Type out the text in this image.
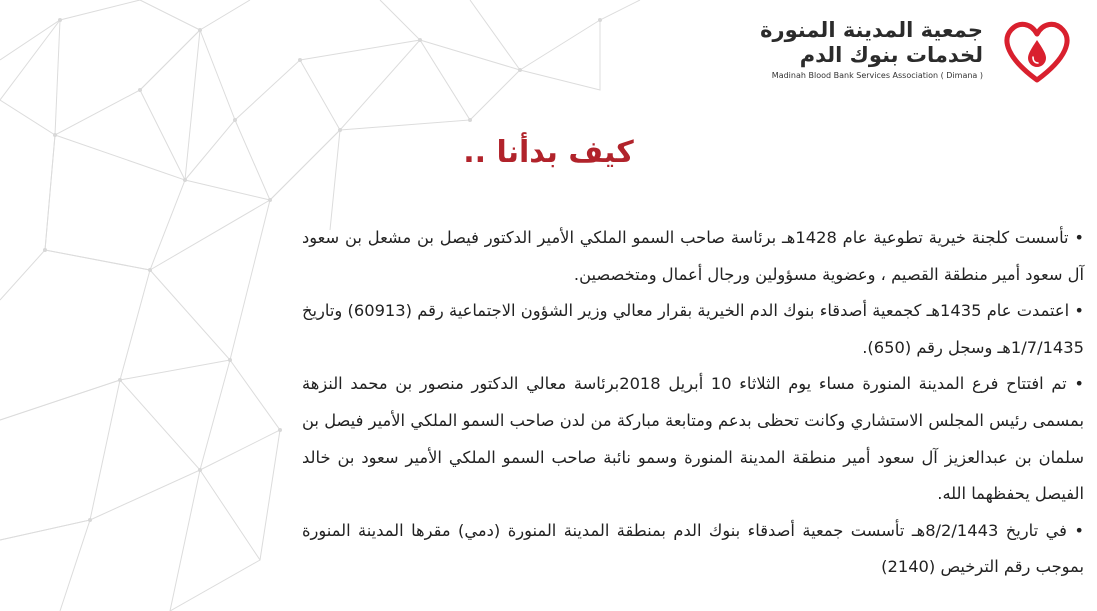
جمعية المدينة المنورة
لخدمات بنوك الدم
Madinah Blood Bank Services Association ( Dimana )
كيف بدأنا ..

• تأسست كلجنة خيرية تطوعية عام 1428هـ برئاسة صاحب السمو الملكي الأمير الدكتور فيصل بن مشعل بن سعود آل سعود أمير منطقة القصيم ، وعضوية مسؤولين ورجال أعمال ومتخصصين.

• اعتمدت عام 1435هـ كجمعية أصدقاء بنوك الدم الخيرية بقرار معالي وزير الشؤون الاجتماعية رقم (60913) وتاريخ 1/7/1435هـ وسجل رقم (650).

• تم افتتاح فرع المدينة المنورة مساء يوم الثلاثاء 10 أبريل 2018برئاسة معالي الدكتور منصور بن محمد النزهة بمسمى رئيس المجلس الاستشاري وكانت تحظى بدعم ومتابعة مباركة من لدن صاحب السمو الملكي الأمير فيصل بن سلمان بن عبدالعزيز آل سعود أمير منطقة المدينة المنورة وسمو نائبة صاحب السمو الملكي الأمير سعود بن خالد الفيصل يحفظهما الله.

• في تاريخ 8/2/1443هـ تأسست جمعية أصدقاء بنوك الدم بمنطقة المدينة المنورة (دمي) مقرها المدينة المنورة بموجب رقم الترخيص (2140)
